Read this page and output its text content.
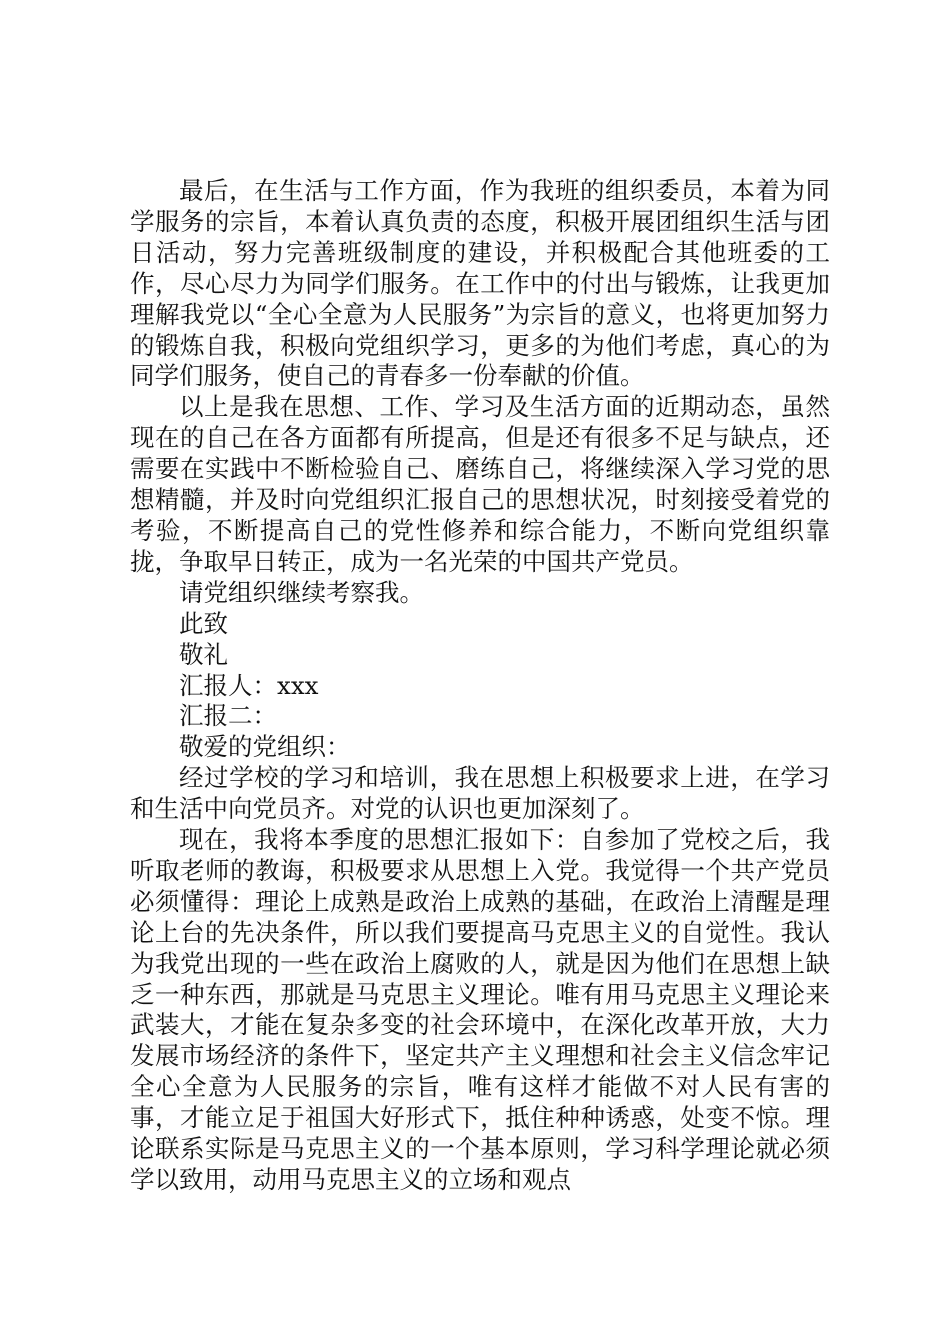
最后，在生活与工作方面，作为我班的组织委员，本着为同学服务的宗旨，本着认真负责的态度，积极开展团组织生活与团日活动，努力完善班级制度的建设，并积极配合其他班委的工作，尽心尽力为同学们服务。在工作中的付出与锻炼，让我更加理解我党以“全心全意为人民服务”为宗旨的意义，也将更加努力的锻炼自我，积极向党组织学习，更多的为他们考虑，真心的为同学们服务，使自己的青春多一份奉献的价值。

以上是我在思想、工作、学习及生活方面的近期动态，虽然现在的自己在各方面都有所提高，但是还有很多不足与缺点，还需要在实践中不断检验自己、磨练自己，将继续深入学习党的思想精髓，并及时向党组织汇报自己的思想状况，时刻接受着党的考验，不断提高自己的党性修养和综合能力，不断向党组织靠拢，争取早日转正，成为一名光荣的中国共产党员。

请党组织继续考察我。

此致

敬礼

汇报人：xxx

汇报二：

敬爱的党组织：

经过学校的学习和培训，我在思想上积极要求上进，在学习和生活中向党员齐。对党的认识也更加深刻了。

现在，我将本季度的思想汇报如下：自参加了党校之后，我听取老师的教诲，积极要求从思想上入党。我觉得一个共产党员必须懂得：理论上成熟是政治上成熟的基础，在政治上清醒是理论上台的先决条件，所以我们要提高马克思主义的自觉性。我认为我党出现的一些在政治上腐败的人，就是因为他们在思想上缺乏一种东西，那就是马克思主义理论。唯有用马克思主义理论来武装大，才能在复杂多变的社会环境中，在深化改革开放，大力发展市场经济的条件下，坚定共产主义理想和社会主义信念牢记全心全意为人民服务的宗旨，唯有这样才能做不对人民有害的事，才能立足于祖国大好形式下，抵住种种诱惑，处变不惊。理论联系实际是马克思主义的一个基本原则，学习科学理论就必须学以致用，动用马克思主义的立场和观点
